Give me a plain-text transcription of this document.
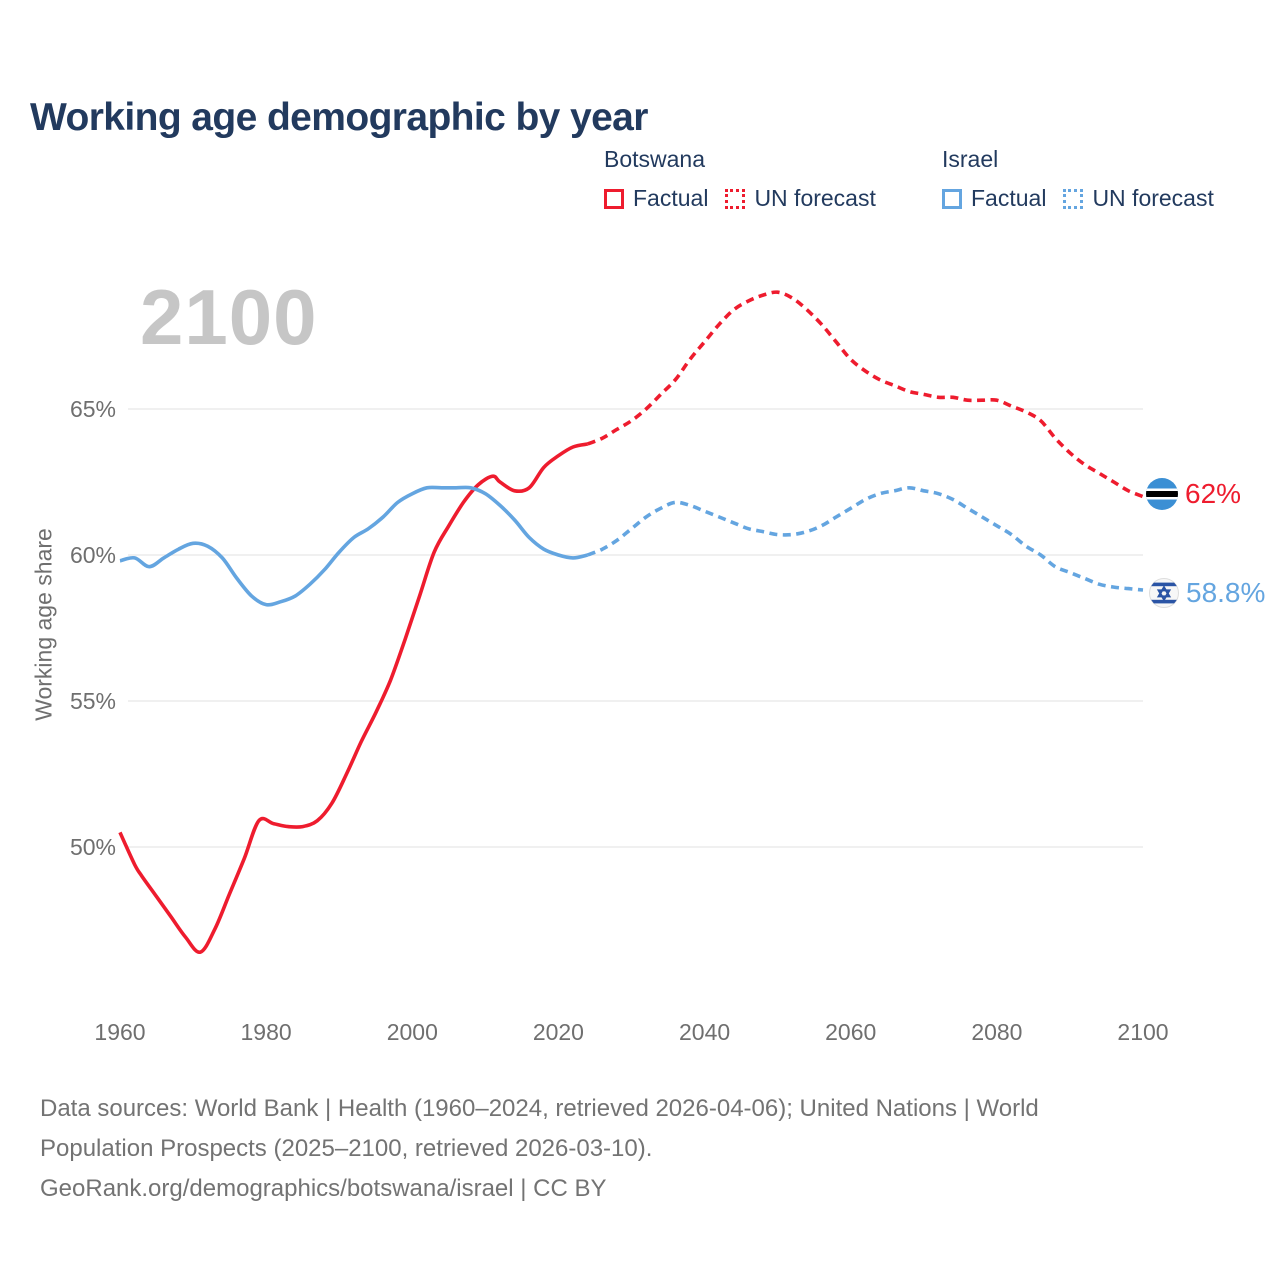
2100
65%
60%
55%
50%
1960	1980	2000	2020	2040	2060	2080	2100
Working age share
Working age demographic by year
Botswana
Factual UN forecast
Israel
Factual UN forecast
62%
58.8%
Data sources: World Bank | Health (1960–2024, retrieved 2026-04-06); United Nations | World
Population Prospects (2025–2100, retrieved 2026-03-10).
GeoRank.org/demographics/botswana/israel | CC BY
